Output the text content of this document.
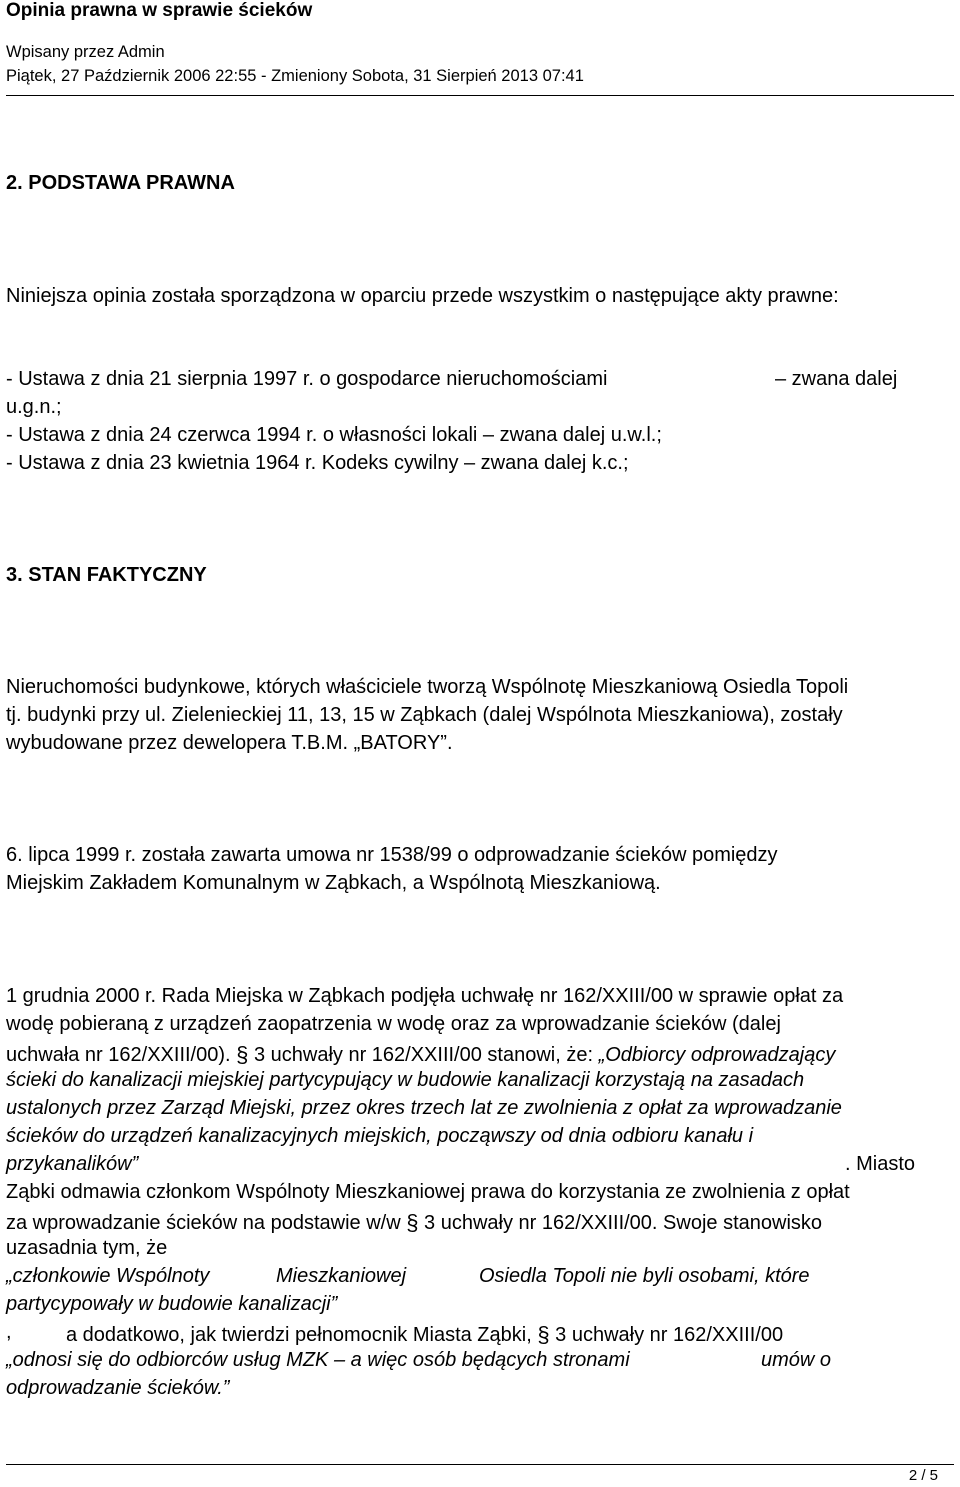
Opinia prawna w sprawie ścieków
Wpisany przez Admin
Piątek, 27 Październik 2006 22:55 - Zmieniony Sobota, 31 Sierpień 2013 07:41
2. PODSTAWA PRAWNA
Niniejsza opinia została sporządzona w oparciu przede wszystkim o następujące akty prawne:
- Ustawa z dnia 21 sierpnia 1997 r. o gospodarce nieruchomościami	– zwana dalej
u.g.n.;
- Ustawa z dnia 24 czerwca 1994 r. o własności lokali – zwana dalej u.w.l.;
- Ustawa z dnia 23 kwietnia 1964 r. Kodeks cywilny – zwana dalej k.c.;
3. STAN FAKTYCZNY
Nieruchomości budynkowe, których właściciele tworzą Wspólnotę Mieszkaniową Osiedla Topoli
tj. budynki przy ul. Zielenieckiej 11, 13, 15 w Ząbkach (dalej Wspólnota Mieszkaniowa), zostały
wybudowane przez dewelopera T.B.M. „BATORY”.
6. lipca 1999 r. została zawarta umowa nr 1538/99 o odprowadzanie ścieków pomiędzy
Miejskim Zakładem Komunalnym w Ząbkach, a Wspólnotą Mieszkaniową.
1 grudnia 2000 r. Rada Miejska w Ząbkach podjęła uchwałę nr 162/XXIII/00 w sprawie opłat za
wodę pobieraną z urządzeń zaopatrzenia w wodę oraz za wprowadzanie ścieków (dalej
uchwała nr 162/XXIII/00). § 3 uchwały nr 162/XXIII/00 stanowi, że: „Odbiorcy odprowadzający
ścieki do kanalizacji miejskiej partycypujący w budowie kanalizacji korzystają na zasadach
ustalonych przez Zarząd Miejski, przez okres trzech lat ze zwolnienia z opłat za wprowadzanie
ścieków do urządzeń kanalizacyjnych miejskich, począwszy od dnia odbioru kanału i
przykanalików”	. Miasto
Ząbki odmawia członkom Wspólnoty Mieszkaniowej prawa do korzystania ze zwolnienia z opłat
za wprowadzanie ścieków na podstawie w/w § 3 uchwały nr 162/XXIII/00. Swoje stanowisko
uzasadnia tym, że
„członkowie Wspólnoty	Mieszkaniowej	Osiedla Topoli nie byli osobami, które
partycypowały w budowie kanalizacji”
,	a dodatkowo, jak twierdzi pełnomocnik Miasta Ząbki, § 3 uchwały nr 162/XXIII/00
„odnosi się do odbiorców usług MZK – a więc osób będących stronami	umów o
odprowadzanie ścieków.”
2 / 5
